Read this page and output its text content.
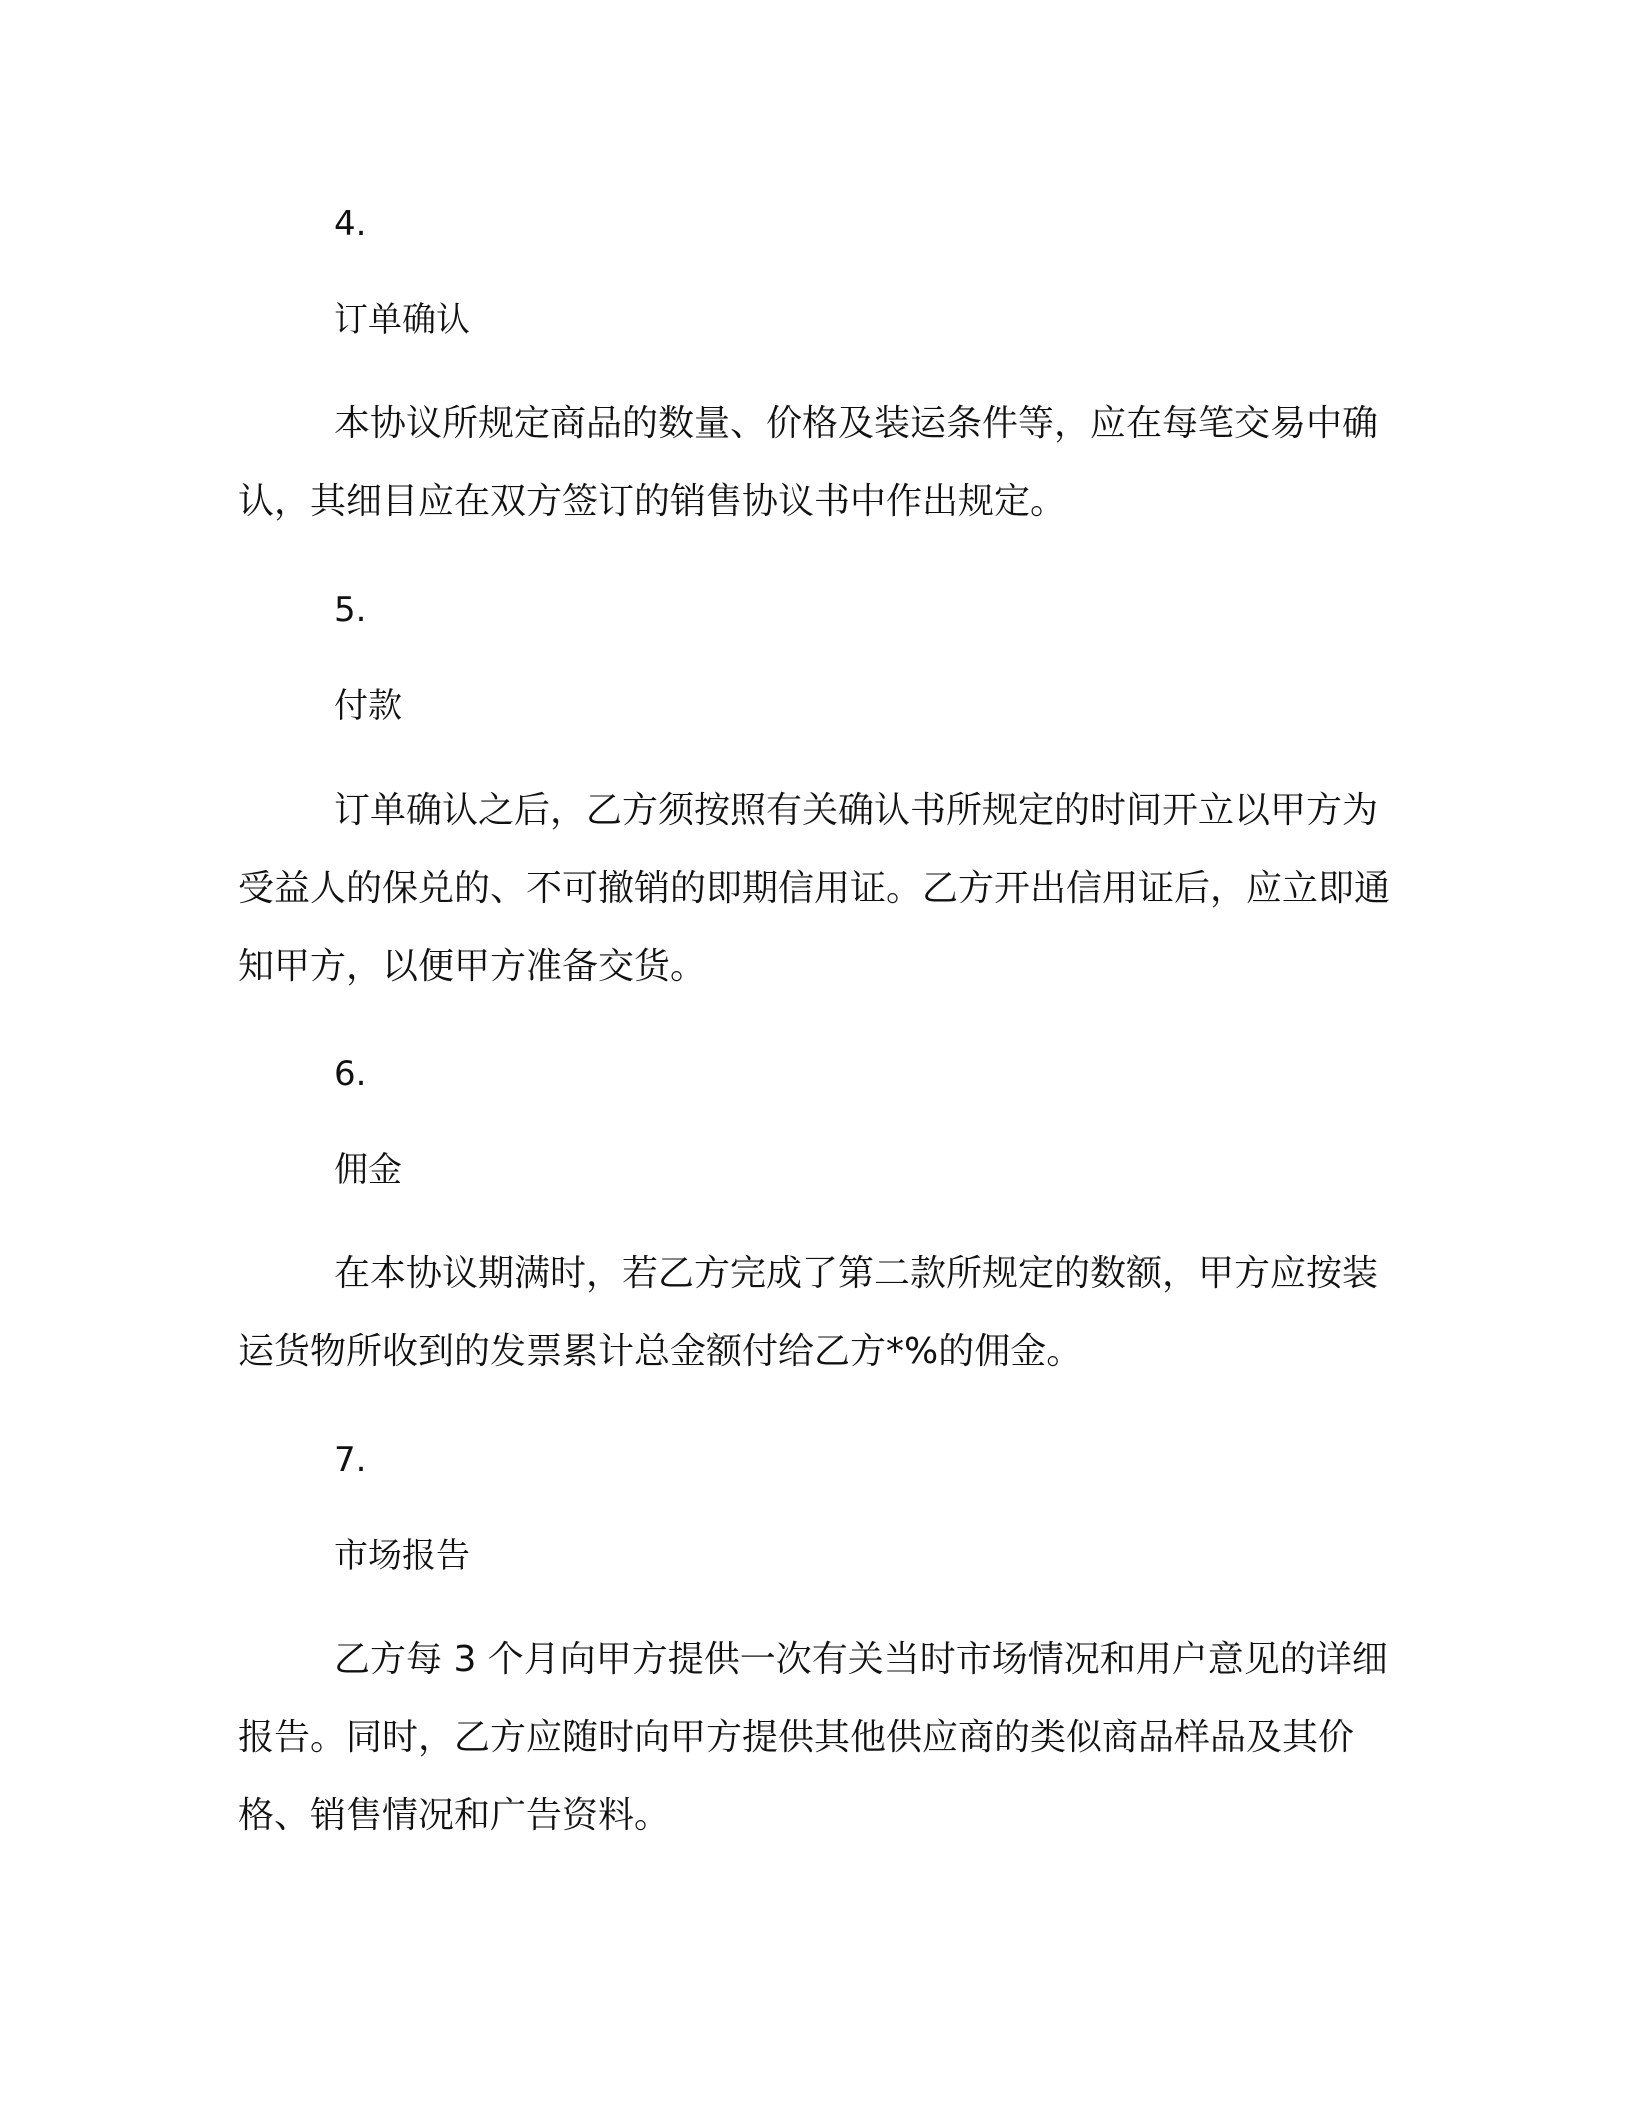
4.
订单确认

本协议所规定商品的数量、价格及装运条件等，应在每笔交易中确认，其细目应在双方签订的销售协议书中作出规定。

5.
付款

订单确认之后，乙方须按照有关确认书所规定的时间开立以甲方为受益人的保兑的、不可撤销的即期信用证。乙方开出信用证后，应立即通知甲方，以便甲方准备交货。

6.
佣金

在本协议期满时，若乙方完成了第二款所规定的数额，甲方应按装运货物所收到的发票累计总金额付给乙方*%的佣金。

7.
市场报告

乙方每 3 个月向甲方提供一次有关当时市场情况和用户意见的详细报告。同时，乙方应随时向甲方提供其他供应商的类似商品样品及其价格、销售情况和广告资料。
